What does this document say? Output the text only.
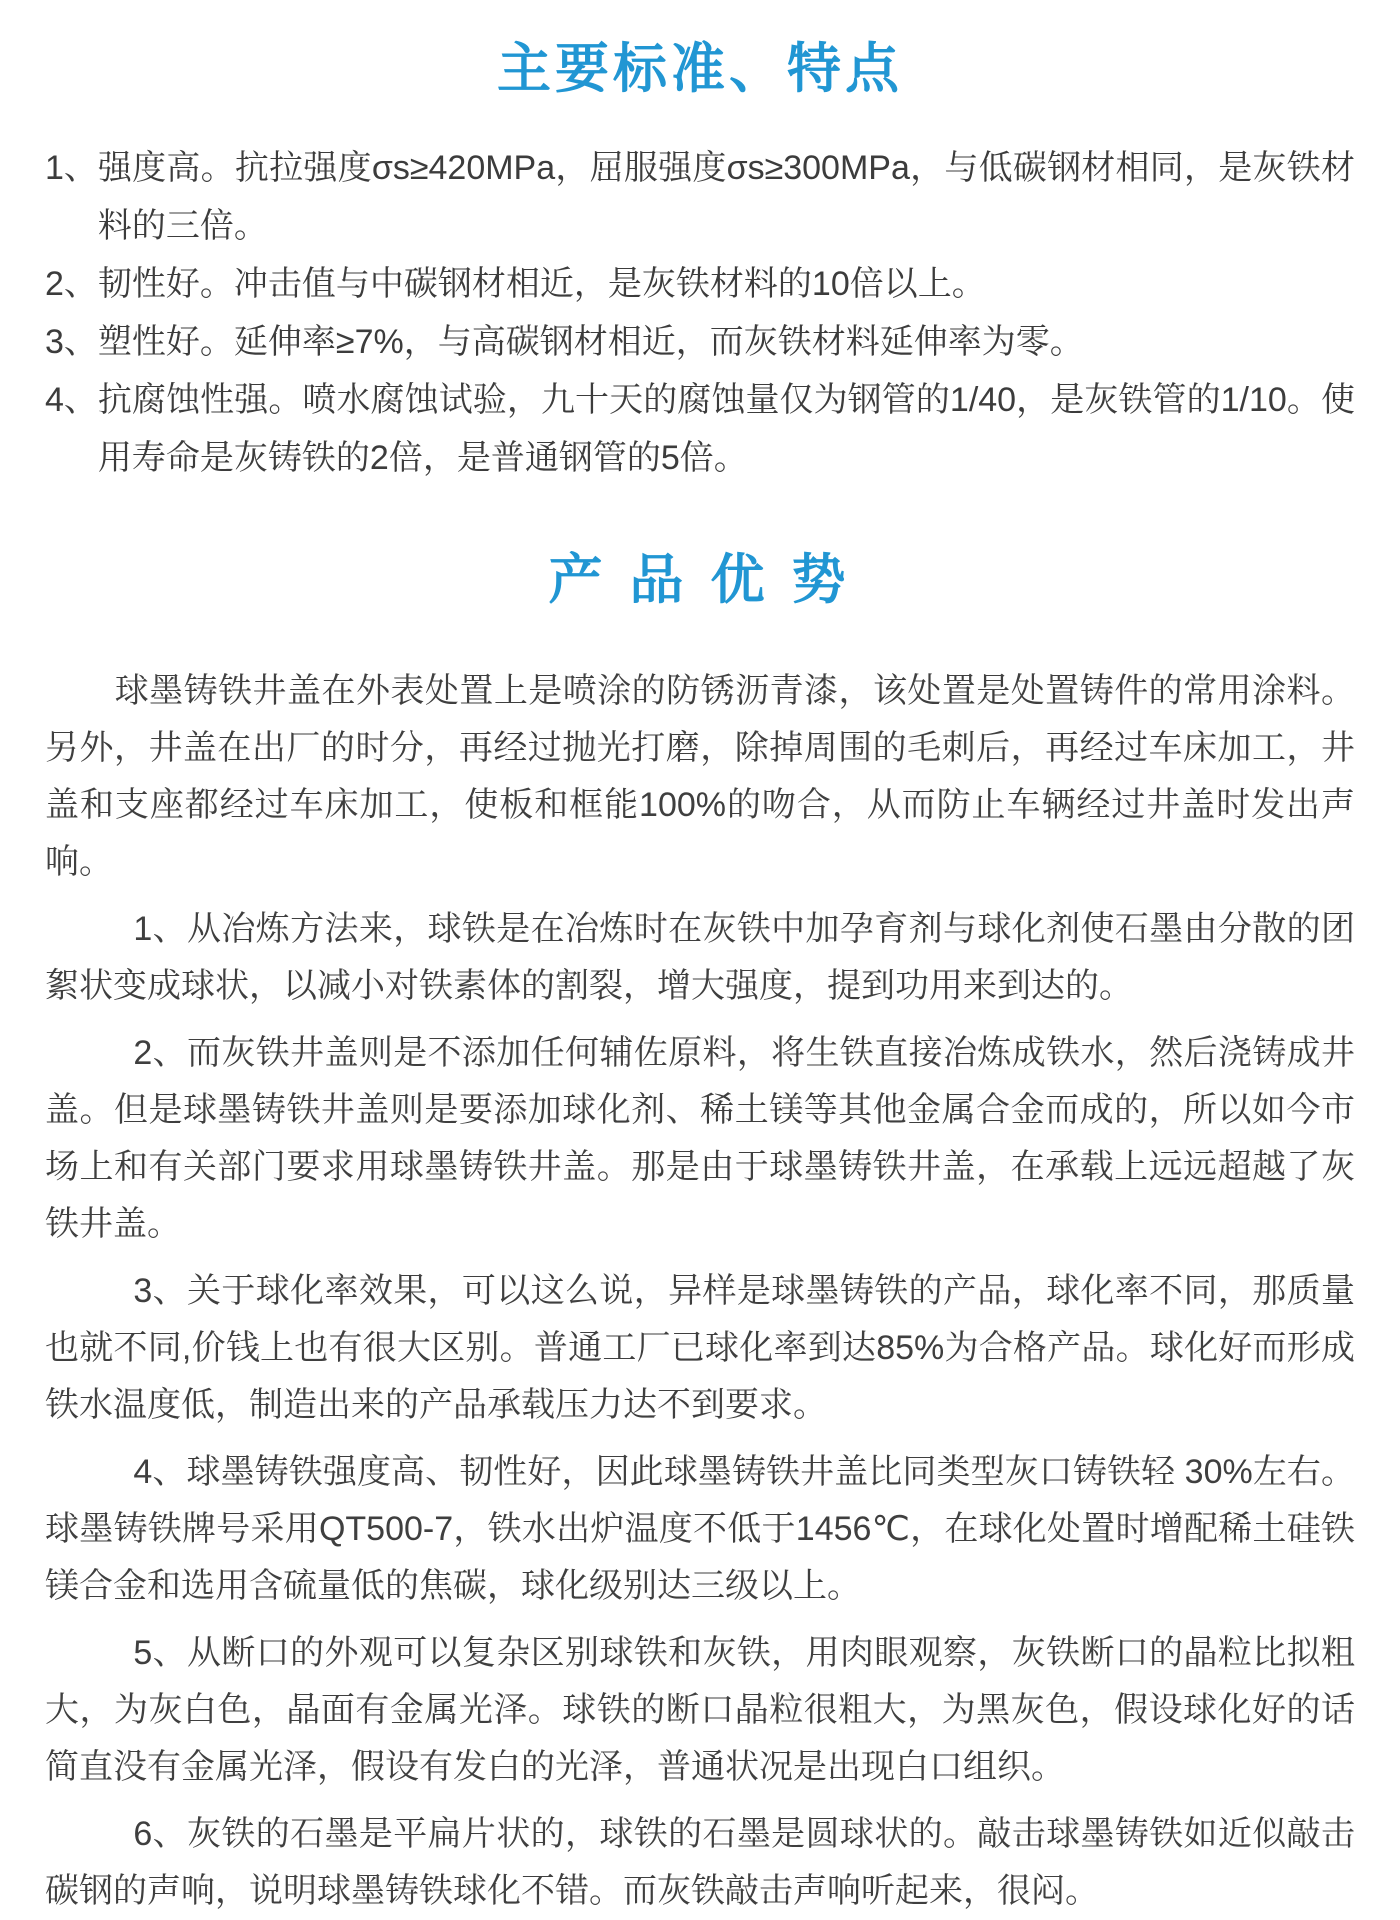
主要标准、特点
1、 强度高。抗拉强度σs≥420MPa，屈服强度σs≥300MPa，与低碳钢材相同，是灰铁材料的三倍。
2、 韧性好。冲击值与中碳钢材相近，是灰铁材料的10倍以上。
3、 塑性好。延伸率≥7%，与高碳钢材相近，而灰铁材料延伸率为零。
4、 抗腐蚀性强。喷水腐蚀试验，九十天的腐蚀量仅为钢管的1/40，是灰铁管的1/10。使用寿命是灰铸铁的2倍，是普通钢管的5倍。
产 品 优 势

球墨铸铁井盖在外表处置上是喷涂的防锈沥青漆，该处置是处置铸件的常用涂料。另外，井盖在出厂的时分，再经过抛光打磨，除掉周围的毛刺后，再经过车床加工，井盖和支座都经过车床加工，使板和框能100%的吻合，从而防止车辆经过井盖时发出声响。

1、从冶炼方法来，球铁是在冶炼时在灰铁中加孕育剂与球化剂使石墨由分散的团絮状变成球状，以减小对铁素体的割裂，增大强度，提到功用来到达的。

2、而灰铁井盖则是不添加任何辅佐原料，将生铁直接冶炼成铁水，然后浇铸成井盖。但是球墨铸铁井盖则是要添加球化剂、稀土镁等其他金属合金而成的，所以如今市场上和有关部门要求用球墨铸铁井盖。那是由于球墨铸铁井盖，在承载上远远超越了灰铁井盖。

3、关于球化率效果，可以这么说，异样是球墨铸铁的产品，球化率不同，那质量也就不同,价钱上也有很大区别。普通工厂已球化率到达85%为合格产品。球化好而形成铁水温度低，制造出来的产品承载压力达不到要求。

4、球墨铸铁强度高、韧性好，因此球墨铸铁井盖比同类型灰口铸铁轻 30%左右。球墨铸铁牌号采用QT500-7，铁水出炉温度不低于1456℃，在球化处置时增配稀土硅铁镁合金和选用含硫量低的焦碳，球化级别达三级以上。

5、从断口的外观可以复杂区别球铁和灰铁，用肉眼观察，灰铁断口的晶粒比拟粗大，为灰白色，晶面有金属光泽。球铁的断口晶粒很粗大，为黑灰色，假设球化好的话简直没有金属光泽，假设有发白的光泽，普通状况是出现白口组织。

6、灰铁的石墨是平扁片状的，球铁的石墨是圆球状的。敲击球墨铸铁如近似敲击碳钢的声响，说明球墨铸铁球化不错。而灰铁敲击声响听起来，很闷。
